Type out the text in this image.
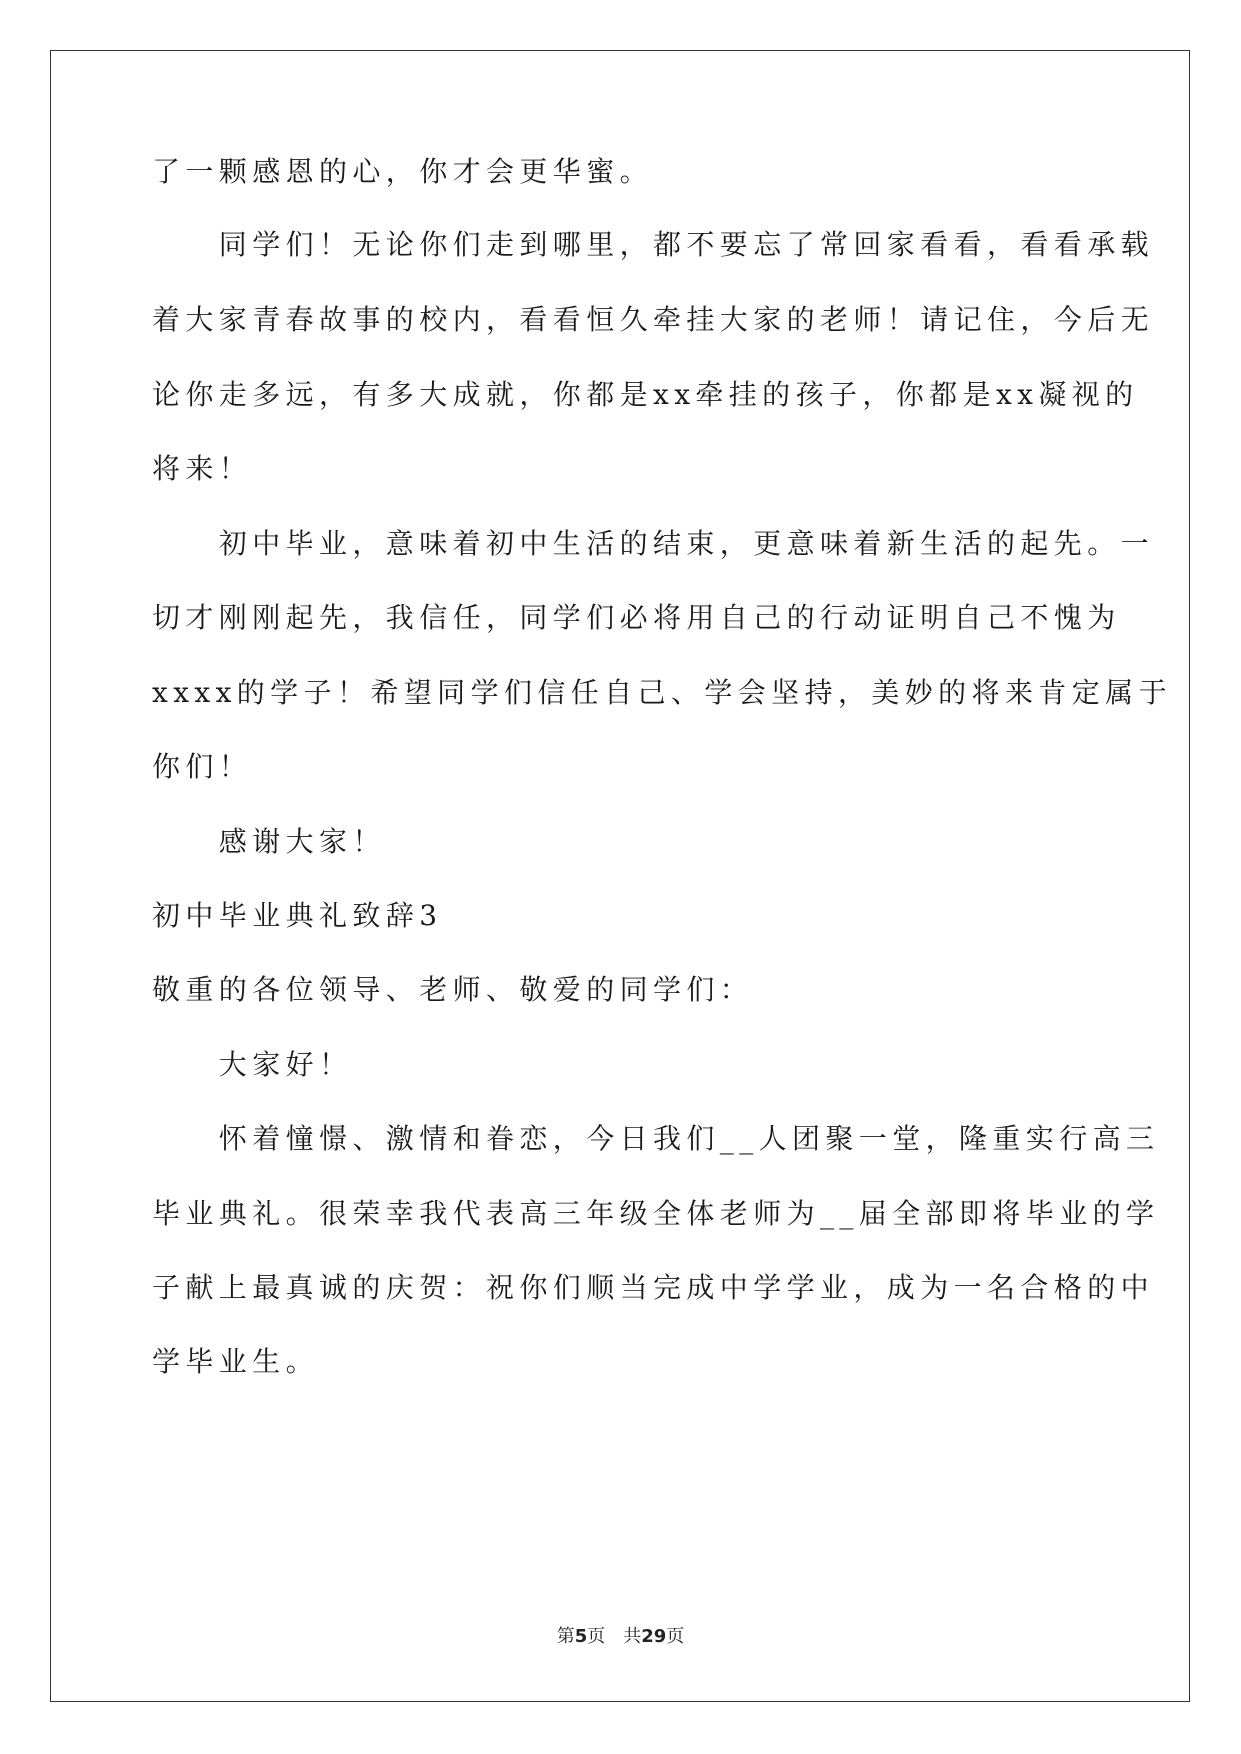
了一颗感恩的心，你才会更华蜜。
　　同学们！无论你们走到哪里，都不要忘了常回家看看，看看承载
着大家青春故事的校内，看看恒久牵挂大家的老师！请记住，今后无
论你走多远，有多大成就，你都是xx牵挂的孩子，你都是xx凝视的
将来！
　　初中毕业，意味着初中生活的结束，更意味着新生活的起先。一
切才刚刚起先，我信任，同学们必将用自己的行动证明自己不愧为
xxxx的学子！希望同学们信任自己、学会坚持，美妙的将来肯定属于
你们！
　　感谢大家！
初中毕业典礼致辞3
敬重的各位领导、老师、敬爱的同学们：
　　大家好！
　　怀着憧憬、激情和眷恋，今日我们__人团聚一堂，隆重实行高三
毕业典礼。很荣幸我代表高三年级全体老师为__届全部即将毕业的学
子献上最真诚的庆贺：祝你们顺当完成中学学业，成为一名合格的中
学毕业生。
第5页 共29页
